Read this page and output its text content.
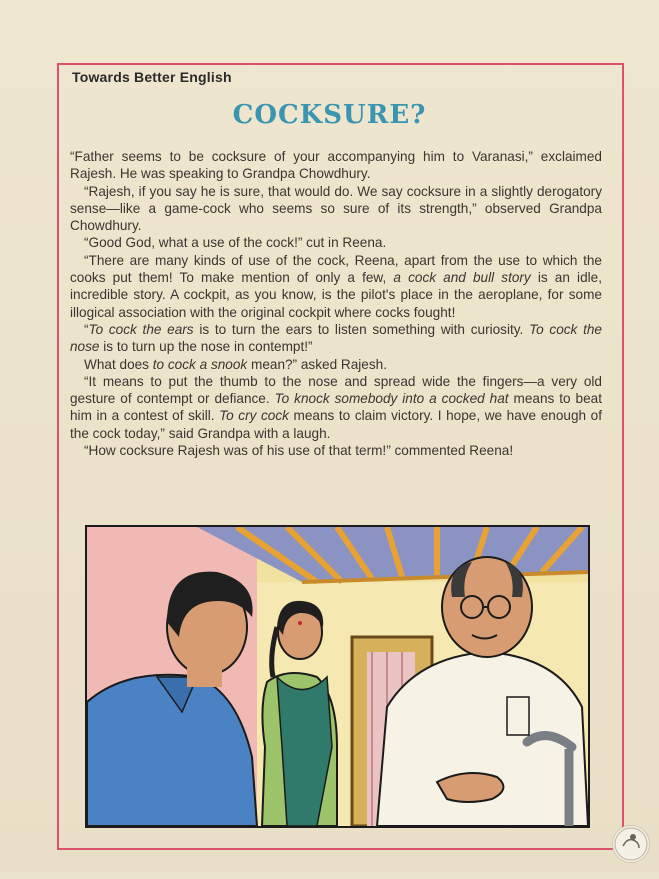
Towards Better English
COCKSURE?

“Father seems to be cocksure of your accompanying him to Varanasi,” exclaimed Rajesh. He was speaking to Grandpa Chowdhury.

“Rajesh, if you say he is sure, that would do. We say cocksure in a slightly derogatory sense—like a game-cock who seems so sure of its strength,” observed Grandpa Chowdhury.

“Good God, what a use of the cock!” cut in Reena.

“There are many kinds of use of the cock, Reena, apart from the use to which the cooks put them! To make mention of only a few, a cock and bull story is an idle, incredible story. A cockpit, as you know, is the pilot's place in the aeroplane, for some illogical association with the original cockpit where cocks fought!

“To cock the ears is to turn the ears to listen something with curiosity. To cock the nose is to turn up the nose in contempt!”

What does to cock a snook mean?” asked Rajesh.

“It means to put the thumb to the nose and spread wide the fingers—a very old gesture of contempt or defiance. To knock somebody into a cocked hat means to beat him in a contest of skill. To cry cock means to claim victory. I hope, we have enough of the cock today,” said Grandpa with a laugh.

“How cocksure Rajesh was of his use of that term!” commented Reena!
